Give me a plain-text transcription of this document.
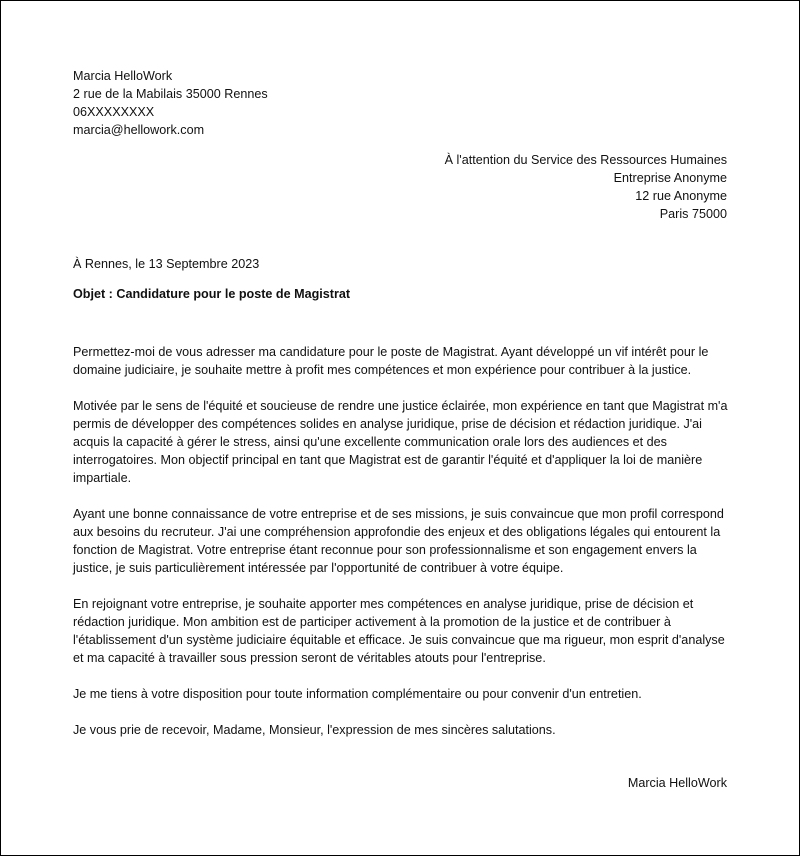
Marcia HelloWork
2 rue de la Mabilais 35000 Rennes
06XXXXXXXX
marcia@hellowork.com
À l'attention du Service des Ressources Humaines
Entreprise Anonyme
12 rue Anonyme
Paris 75000
À Rennes, le 13 Septembre 2023
Objet : Candidature pour le poste de Magistrat

Permettez-moi de vous adresser ma candidature pour le poste de Magistrat. Ayant développé un vif intérêt pour le domaine judiciaire, je souhaite mettre à profit mes compétences et mon expérience pour contribuer à la justice.

Motivée par le sens de l'équité et soucieuse de rendre une justice éclairée, mon expérience en tant que Magistrat m'a permis de développer des compétences solides en analyse juridique, prise de décision et rédaction juridique. J'ai acquis la capacité à gérer le stress, ainsi qu'une excellente communication orale lors des audiences et des interrogatoires. Mon objectif principal en tant que Magistrat est de garantir l'équité et d'appliquer la loi de manière impartiale.

Ayant une bonne connaissance de votre entreprise et de ses missions, je suis convaincue que mon profil correspond aux besoins du recruteur. J'ai une compréhension approfondie des enjeux et des obligations légales qui entourent la fonction de Magistrat. Votre entreprise étant reconnue pour son professionnalisme et son engagement envers la justice, je suis particulièrement intéressée par l'opportunité de contribuer à votre équipe.

En rejoignant votre entreprise, je souhaite apporter mes compétences en analyse juridique, prise de décision et rédaction juridique. Mon ambition est de participer activement à la promotion de la justice et de contribuer à l'établissement d'un système judiciaire équitable et efficace. Je suis convaincue que ma rigueur, mon esprit d'analyse et ma capacité à travailler sous pression seront de véritables atouts pour l'entreprise.

Je me tiens à votre disposition pour toute information complémentaire ou pour convenir d'un entretien.

Je vous prie de recevoir, Madame, Monsieur, l'expression de mes sincères salutations.

Marcia HelloWork
